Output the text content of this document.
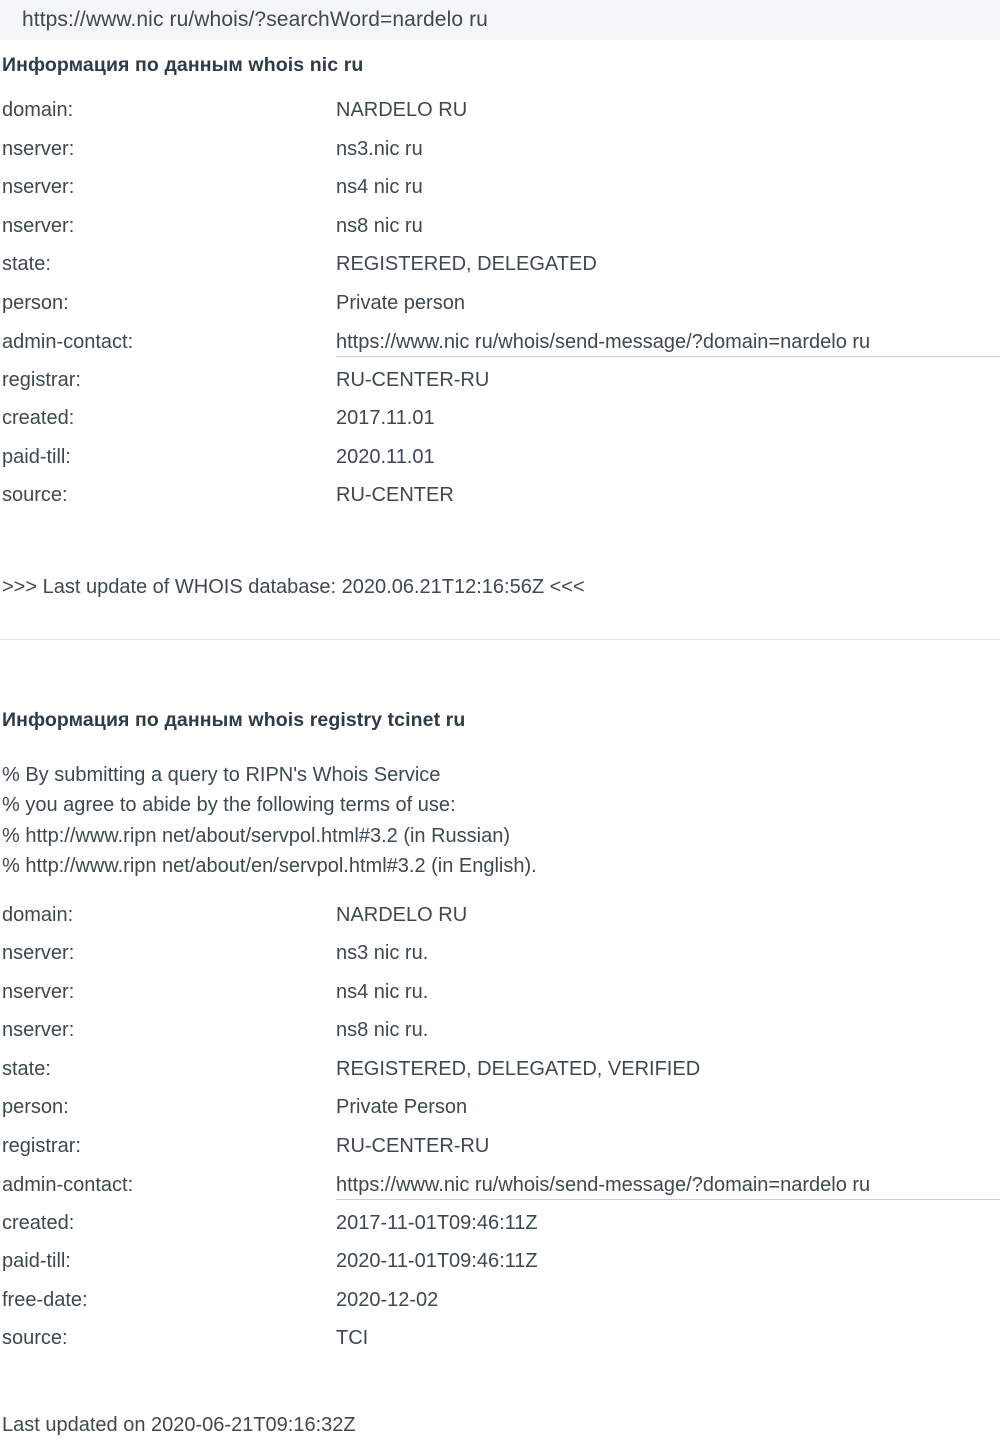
https://www.nic ru/whois/?searchWord=nardelo ru
Информация по данным whois nic ru
domain:	NARDELO RU
nserver:	ns3.nic ru
nserver:	ns4 nic ru
nserver:	ns8 nic ru
state:	REGISTERED, DELEGATED
person:	Private person
admin-contact:	https://www.nic ru/whois/send-message/?domain=nardelo ru
registrar:	RU-CENTER-RU
created:	2017.11.01
paid-till:	2020.11.01
source:	RU-CENTER
>>> Last update of WHOIS database: 2020.06.21T12:16:56Z <<<
Информация по данным whois registry tcinet ru
% By submitting a query to RIPN's Whois Service
% you agree to abide by the following terms of use:
% http://www.ripn net/about/servpol.html#3.2 (in Russian)
% http://www.ripn net/about/en/servpol.html#3.2 (in English).
domain:	NARDELO RU
nserver:	ns3 nic ru.
nserver:	ns4 nic ru.
nserver:	ns8 nic ru.
state:	REGISTERED, DELEGATED, VERIFIED
person:	Private Person
registrar:	RU-CENTER-RU
admin-contact:	https://www.nic ru/whois/send-message/?domain=nardelo ru
created:	2017-11-01T09:46:11Z
paid-till:	2020-11-01T09:46:11Z
free-date:	2020-12-02
source:	TCI
Last updated on 2020-06-21T09:16:32Z
